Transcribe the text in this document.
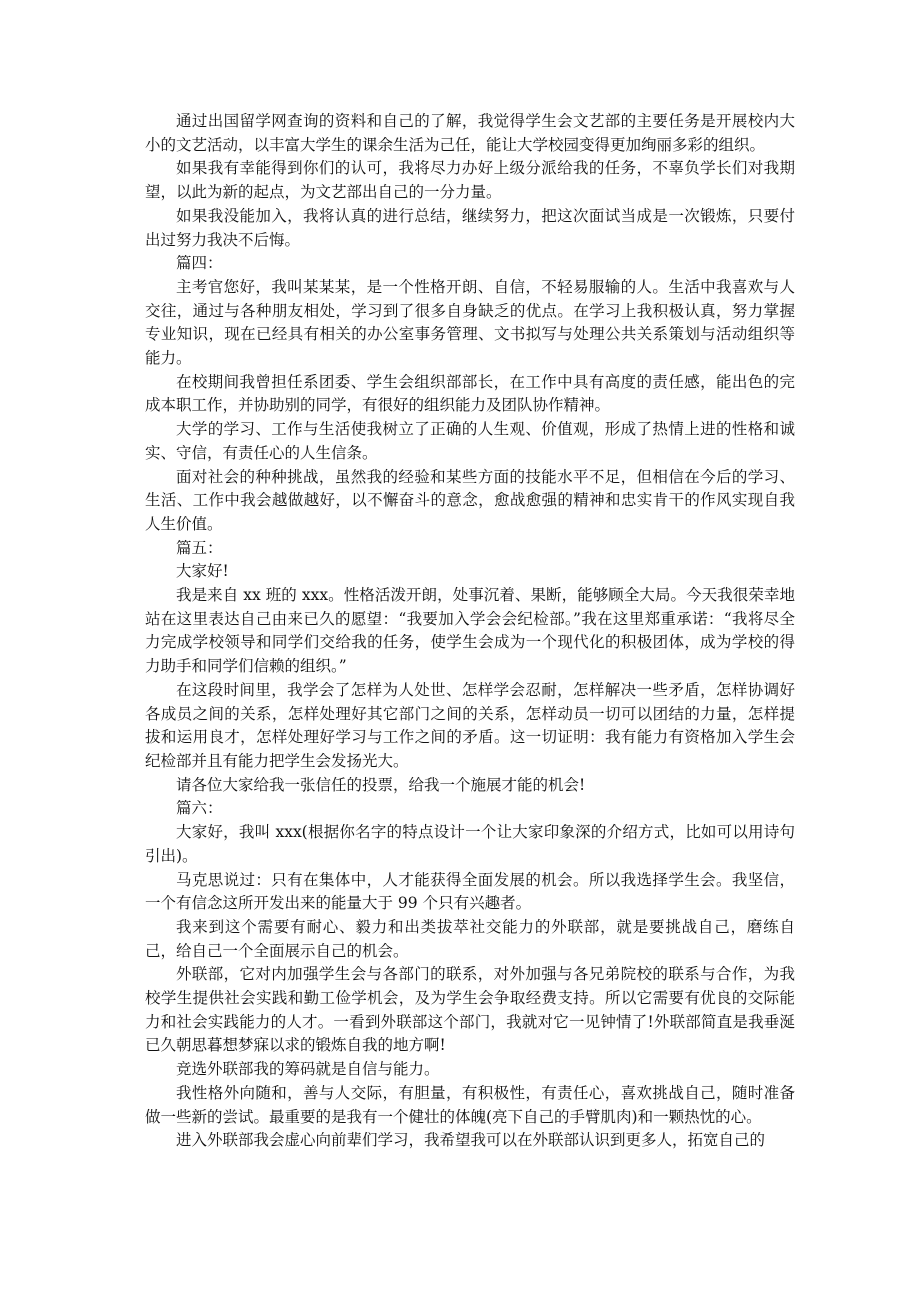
通过出国留学网查询的资料和自己的了解，我觉得学生会文艺部的主要任务是开展校内大小的文艺活动，以丰富大学生的课余生活为己任，能让大学校园变得更加绚丽多彩的组织。

如果我有幸能得到你们的认可，我将尽力办好上级分派给我的任务，不辜负学长们对我期望，以此为新的起点，为文艺部出自己的一分力量。

如果我没能加入，我将认真的进行总结，继续努力，把这次面试当成是一次锻炼，只要付出过努力我决不后悔。

篇四：

主考官您好，我叫某某某，是一个性格开朗、自信，不轻易服输的人。生活中我喜欢与人交往，通过与各种朋友相处，学习到了很多自身缺乏的优点。在学习上我积极认真，努力掌握专业知识，现在已经具有相关的办公室事务管理、文书拟写与处理公共关系策划与活动组织等能力。

在校期间我曾担任系团委、学生会组织部部长，在工作中具有高度的责任感，能出色的完成本职工作，并协助别的同学，有很好的组织能力及团队协作精神。

大学的学习、工作与生活使我树立了正确的人生观、价值观，形成了热情上进的性格和诚实、守信，有责任心的人生信条。

面对社会的种种挑战，虽然我的经验和某些方面的技能水平不足，但相信在今后的学习、生活、工作中我会越做越好，以不懈奋斗的意念，愈战愈强的精神和忠实肯干的作风实现自我人生价值。

篇五：

大家好!

我是来自 xx 班的 xxx。性格活泼开朗，处事沉着、果断，能够顾全大局。今天我很荣幸地站在这里表达自己由来已久的愿望：“我要加入学会会纪检部。”我在这里郑重承诺：“我将尽全力完成学校领导和同学们交给我的任务，使学生会成为一个现代化的积极团体，成为学校的得力助手和同学们信赖的组织。”

在这段时间里，我学会了怎样为人处世、怎样学会忍耐，怎样解决一些矛盾，怎样协调好各成员之间的关系，怎样处理好其它部门之间的关系，怎样动员一切可以团结的力量，怎样提拔和运用良才，怎样处理好学习与工作之间的矛盾。这一切证明：我有能力有资格加入学生会纪检部并且有能力把学生会发扬光大。

请各位大家给我一张信任的投票，给我一个施展才能的机会!

篇六：

大家好，我叫 xxx(根据你名字的特点设计一个让大家印象深的介绍方式，比如可以用诗句引出)。

马克思说过：只有在集体中，人才能获得全面发展的机会。所以我选择学生会。我坚信，一个有信念这所开发出来的能量大于 99 个只有兴趣者。

我来到这个需要有耐心、毅力和出类拔萃社交能力的外联部，就是要挑战自己，磨练自己，给自己一个全面展示自己的机会。

外联部，它对内加强学生会与各部门的联系，对外加强与各兄弟院校的联系与合作，为我校学生提供社会实践和勤工俭学机会，及为学生会争取经费支持。所以它需要有优良的交际能力和社会实践能力的人才。一看到外联部这个部门，我就对它一见钟情了!外联部简直是我垂涎已久朝思暮想梦寐以求的锻炼自我的地方啊!

竞选外联部我的筹码就是自信与能力。

我性格外向随和，善与人交际，有胆量，有积极性，有责任心，喜欢挑战自己，随时准备做一些新的尝试。最重要的是我有一个健壮的体魄(亮下自己的手臂肌肉)和一颗热忱的心。

进入外联部我会虚心向前辈们学习，我希望我可以在外联部认识到更多人，拓宽自己的
